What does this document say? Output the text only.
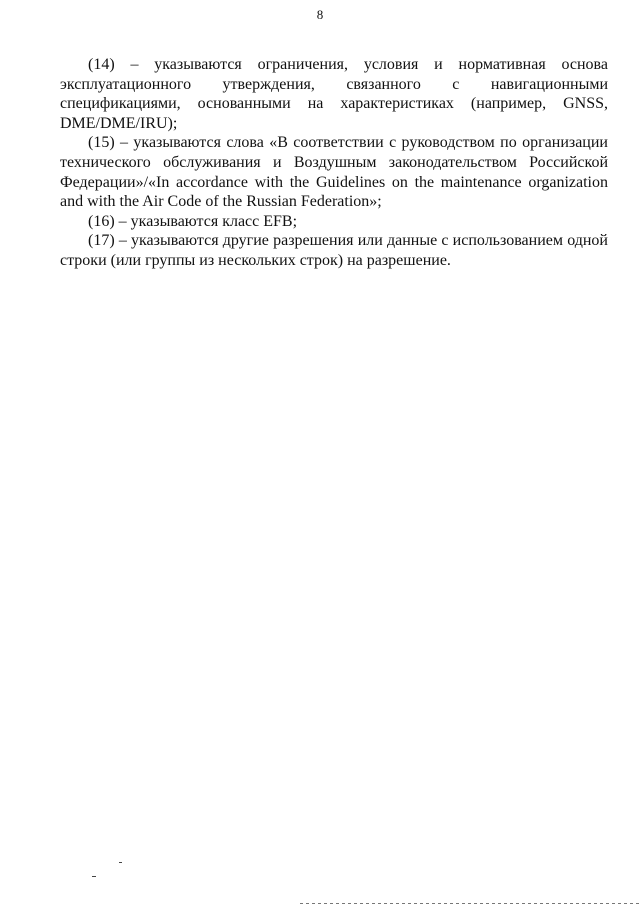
8

(14) – указываются ограничения, условия и нормативная основа эксплуатационного утверждения, связанного с навигационными спецификациями, основанными на характеристиках (например, GNSS, DME/DME/IRU);

(15) – указываются слова «В соответствии с руководством по организации технического обслуживания и Воздушным законодательством Российской Федерации»/«In accordance with the Guidelines on the maintenance organization and with the Air Code of the Russian Federation»;

(16) – указываются класс EFB;

(17) – указываются другие разрешения или данные с использованием одной строки (или группы из нескольких строк) на разрешение.
